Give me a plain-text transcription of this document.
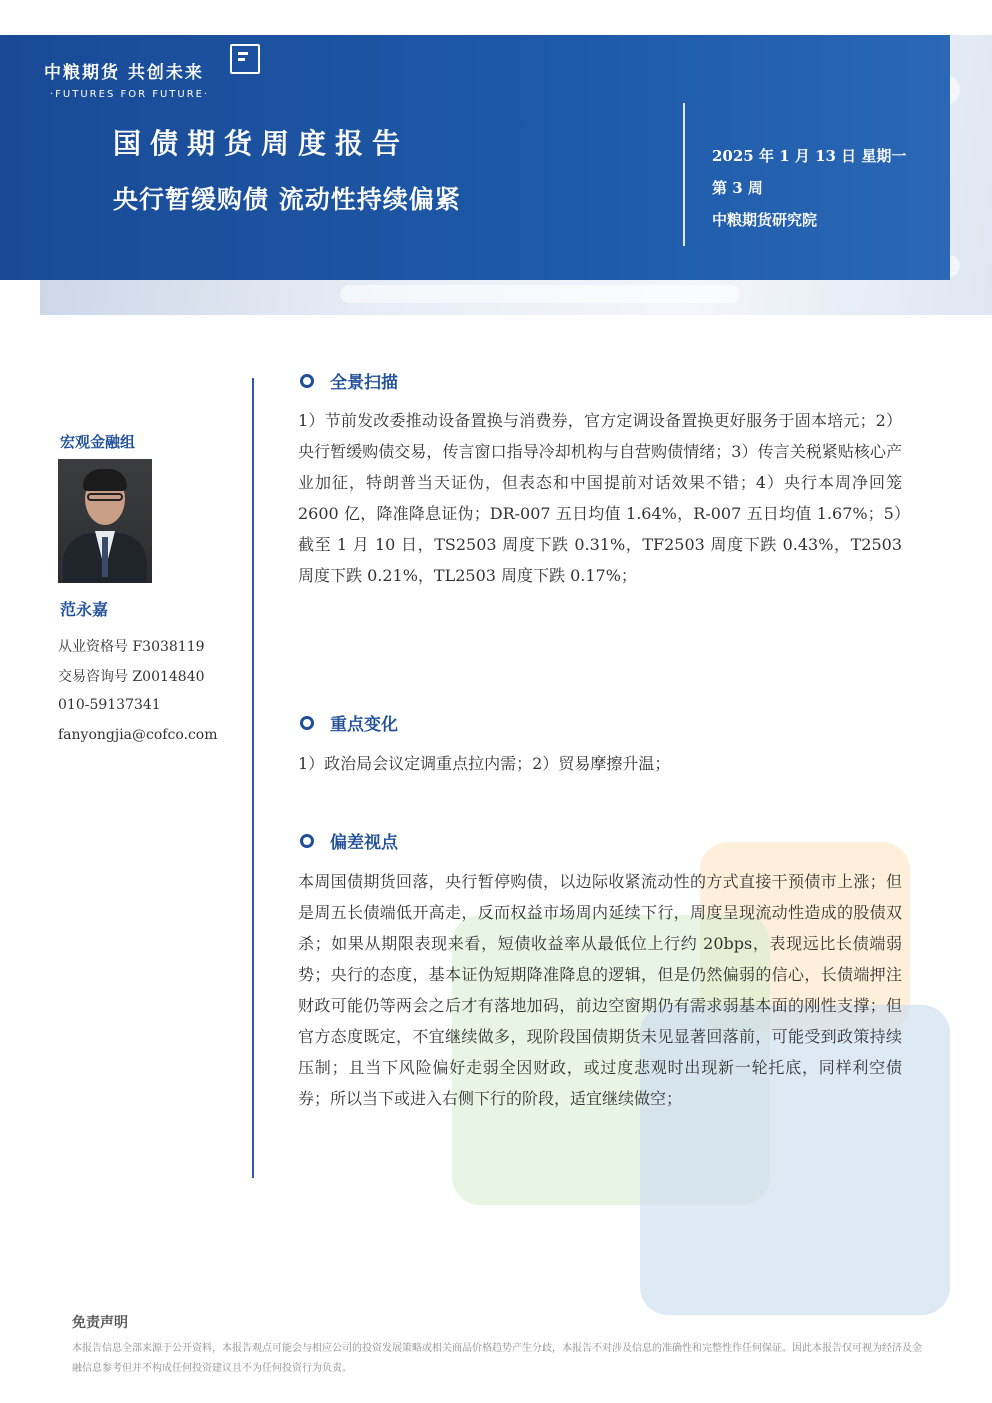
中粮期货 共创未来
·FUTURES FOR FUTURE·
国债期货周度报告
央行暂缓购债 流动性持续偏紧
2025 年 1 月 13 日 星期一
第 3 周
中粮期货研究院
宏观金融组
范永嘉
从业资格号 F3038119
交易咨询号 Z0014840
010-59137341
fanyongjia@cofco.com
全景扫描
1）节前发改委推动设备置换与消费券，官方定调设备置换更好服务于固本培元；2）央行暂缓购债交易，传言窗口指导冷却机构与自营购债情绪；3）传言关税紧贴核心产业加征，特朗普当天证伪，但表态和中国提前对话效果不错；4）央行本周净回笼 2600 亿，降准降息证伪；DR-007 五日均值 1.64%，R-007 五日均值 1.67%；5）截至 1 月 10 日，TS2503 周度下跌 0.31%，TF2503 周度下跌 0.43%，T2503 周度下跌 0.21%，TL2503 周度下跌 0.17%；
重点变化
1）政治局会议定调重点拉内需；2）贸易摩擦升温；
偏差视点
本周国债期货回落，央行暂停购债，以边际收紧流动性的方式直接干预债市上涨；但是周五长债端低开高走，反而权益市场周内延续下行，周度呈现流动性造成的股债双杀；如果从期限表现来看，短债收益率从最低位上行约 20bps，表现远比长债端弱势；央行的态度，基本证伪短期降准降息的逻辑，但是仍然偏弱的信心，长债端押注财政可能仍等两会之后才有落地加码，前边空窗期仍有需求弱基本面的刚性支撑；但官方态度既定，不宜继续做多，现阶段国债期货未见显著回落前，可能受到政策持续压制；且当下风险偏好走弱全因财政，或过度悲观时出现新一轮托底，同样利空债券；所以当下或进入右侧下行的阶段，适宜继续做空；
免责声明
本报告信息全部来源于公开资料，本报告观点可能会与相应公司的投资发展策略或相关商品价格趋势产生分歧，本报告不对涉及信息的准确性和完整性作任何保证。因此本报告仅可视为经济及金融信息参考但并不构成任何投资建议且不为任何投资行为负责。
